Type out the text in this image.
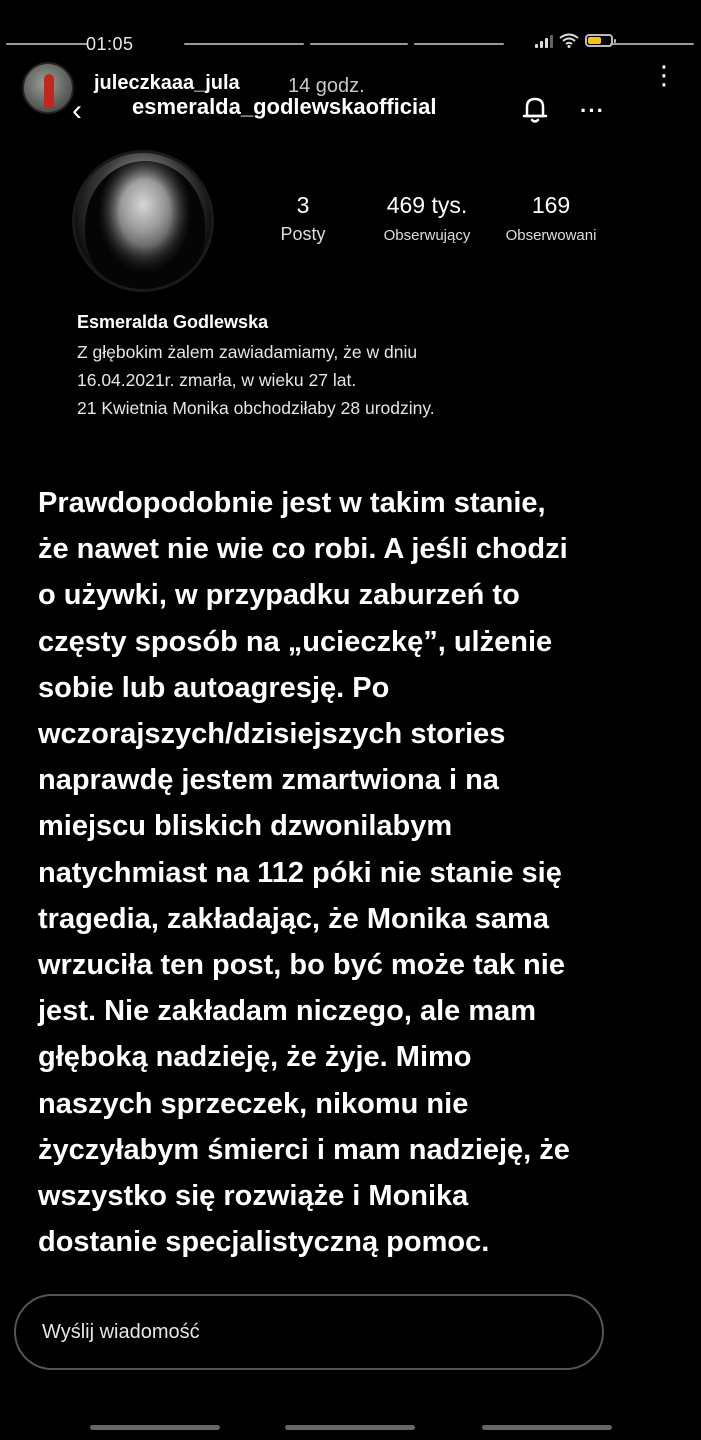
01:05
juleczkaaa_jula 14 godz.	⋮
‹ esmeralda_godlewskaofficial	···
3
Posty
469 tys.
Obserwujący
169
Obserwowani
Esmeralda Godlewska
Z głębokim żalem zawiadamiamy, że w dniu
16.04.2021r. zmarła, w wieku 27 lat.
21 Kwietnia Monika obchodziłaby 28 urodziny.
Prawdopodobnie jest w takim stanie,
że nawet nie wie co robi. A jeśli chodzi
o używki, w przypadku zaburzeń to
częsty sposób na „ucieczkę”, ulżenie
sobie lub autoagresję. Po
wczorajszych/dzisiejszych stories
naprawdę jestem zmartwiona i na
miejscu bliskich dzwonilabym
natychmiast na 112 póki nie stanie się
tragedia, zakładając, że Monika sama
wrzuciła ten post, bo być może tak nie
jest. Nie zakładam niczego, ale mam
głęboką nadzieję, że żyje. Mimo
naszych sprzeczek, nikomu nie
życzyłabym śmierci i mam nadzieję, że
wszystko się rozwiąże i Monika
dostanie specjalistyczną pomoc.
Wyślij wiadomość
